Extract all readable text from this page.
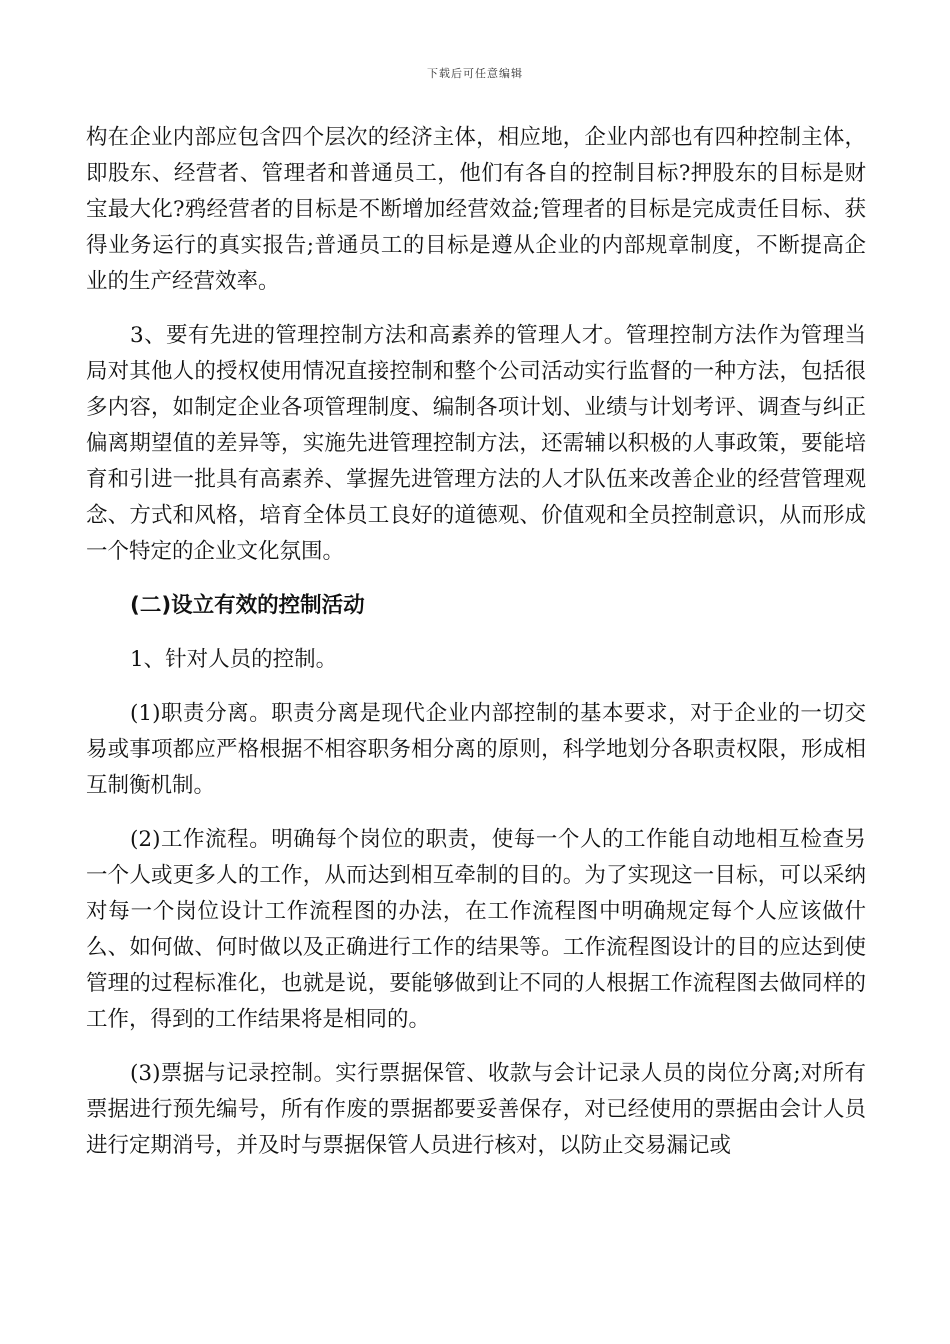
下载后可任意编辑

构在企业内部应包含四个层次的经济主体，相应地，企业内部也有四种控制主体，即股东、经营者、管理者和普通员工，他们有各自的控制目标?押股东的目标是财宝最大化?鸦经营者的目标是不断增加经营效益;管理者的目标是完成责任目标、获得业务运行的真实报告;普通员工的目标是遵从企业的内部规章制度，不断提高企业的生产经营效率。

3、要有先进的管理控制方法和高素养的管理人才。管理控制方法作为管理当局对其他人的授权使用情况直接控制和整个公司活动实行监督的一种方法，包括很多内容，如制定企业各项管理制度、编制各项计划、业绩与计划考评、调查与纠正偏离期望值的差异等，实施先进管理控制方法，还需辅以积极的人事政策，要能培育和引进一批具有高素养、掌握先进管理方法的人才队伍来改善企业的经营管理观念、方式和风格，培育全体员工良好的道德观、价值观和全员控制意识，从而形成一个特定的企业文化氛围。

(二)设立有效的控制活动

1、针对人员的控制。

(1)职责分离。职责分离是现代企业内部控制的基本要求，对于企业的一切交易或事项都应严格根据不相容职务相分离的原则，科学地划分各职责权限，形成相互制衡机制。

(2)工作流程。明确每个岗位的职责，使每一个人的工作能自动地相互检查另一个人或更多人的工作，从而达到相互牵制的目的。为了实现这一目标，可以采纳对每一个岗位设计工作流程图的办法，在工作流程图中明确规定每个人应该做什么、如何做、何时做以及正确进行工作的结果等。工作流程图设计的目的应达到使管理的过程标准化，也就是说，要能够做到让不同的人根据工作流程图去做同样的工作，得到的工作结果将是相同的。

(3)票据与记录控制。实行票据保管、收款与会计记录人员的岗位分离;对所有票据进行预先编号，所有作废的票据都要妥善保存，对已经使用的票据由会计人员进行定期消号，并及时与票据保管人员进行核对，以防止交易漏记或
